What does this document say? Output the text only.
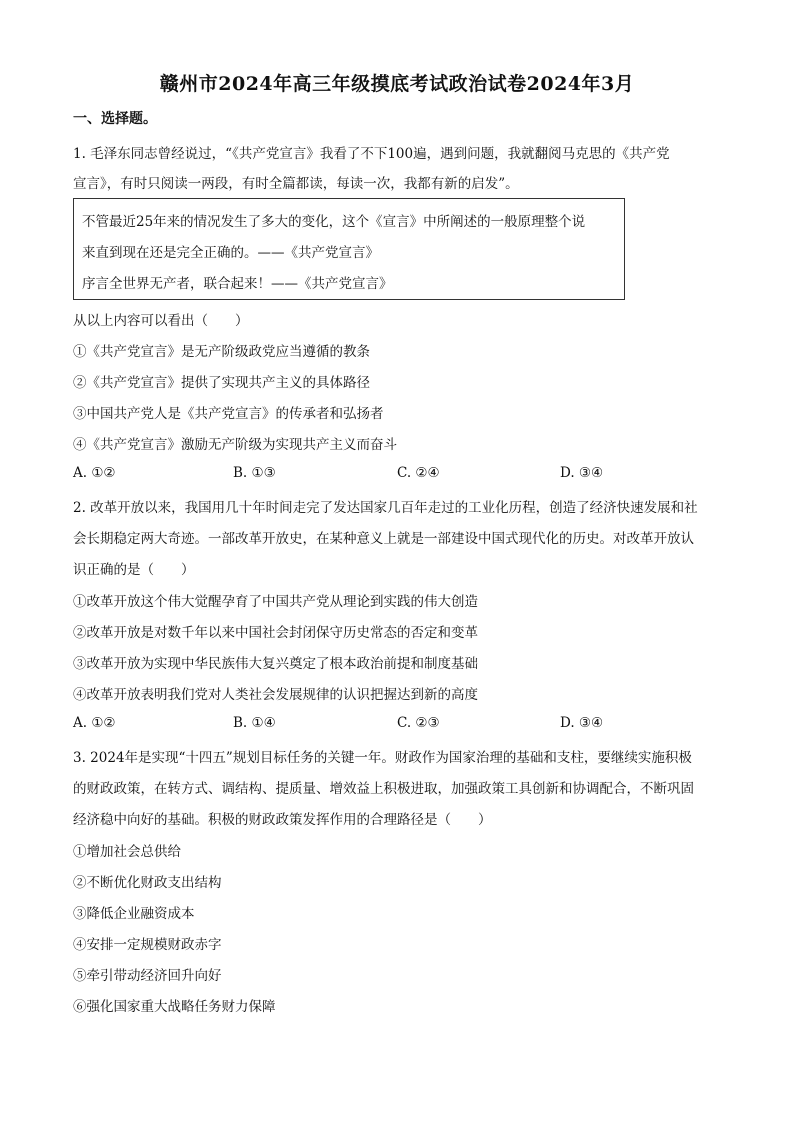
赣州市2024年高三年级摸底考试政治试卷2024年3月
一、选择题。
1. 毛泽东同志曾经说过，“《共产党宣言》我看了不下100遍，遇到问题，我就翻阅马克思的《共产党
宣言》，有时只阅读一两段，有时全篇都读，每读一次，我都有新的启发”。
不管最近25年来的情况发生了多大的变化，这个《宣言》中所阐述的一般原理整个说
来直到现在还是完全正确的。——《共产党宣言》
序言全世界无产者，联合起来！——《共产党宣言》
从以上内容可以看出（　　）
①《共产党宣言》是无产阶级政党应当遵循的教条
②《共产党宣言》提供了实现共产主义的具体路径
③中国共产党人是《共产党宣言》的传承者和弘扬者
④《共产党宣言》激励无产阶级为实现共产主义而奋斗
A. ①②	B. ①③	C. ②④	D. ③④
2. 改革开放以来，我国用几十年时间走完了发达国家几百年走过的工业化历程，创造了经济快速发展和社
会长期稳定两大奇迹。一部改革开放史，在某种意义上就是一部建设中国式现代化的历史。对改革开放认
识正确的是（　　）
①改革开放这个伟大觉醒孕育了中国共产党从理论到实践的伟大创造
②改革开放是对数千年以来中国社会封闭保守历史常态的否定和变革
③改革开放为实现中华民族伟大复兴奠定了根本政治前提和制度基础
④改革开放表明我们党对人类社会发展规律的认识把握达到新的高度
A. ①②	B. ①④	C. ②③	D. ③④
3. 2024年是实现“十四五”规划目标任务的关键一年。财政作为国家治理的基础和支柱，要继续实施积极
的财政政策，在转方式、调结构、提质量、增效益上积极进取，加强政策工具创新和协调配合，不断巩固
经济稳中向好的基础。积极的财政政策发挥作用的合理路径是（　　）
①增加社会总供给
②不断优化财政支出结构
③降低企业融资成本
④安排一定规模财政赤字
⑤牵引带动经济回升向好
⑥强化国家重大战略任务财力保障
